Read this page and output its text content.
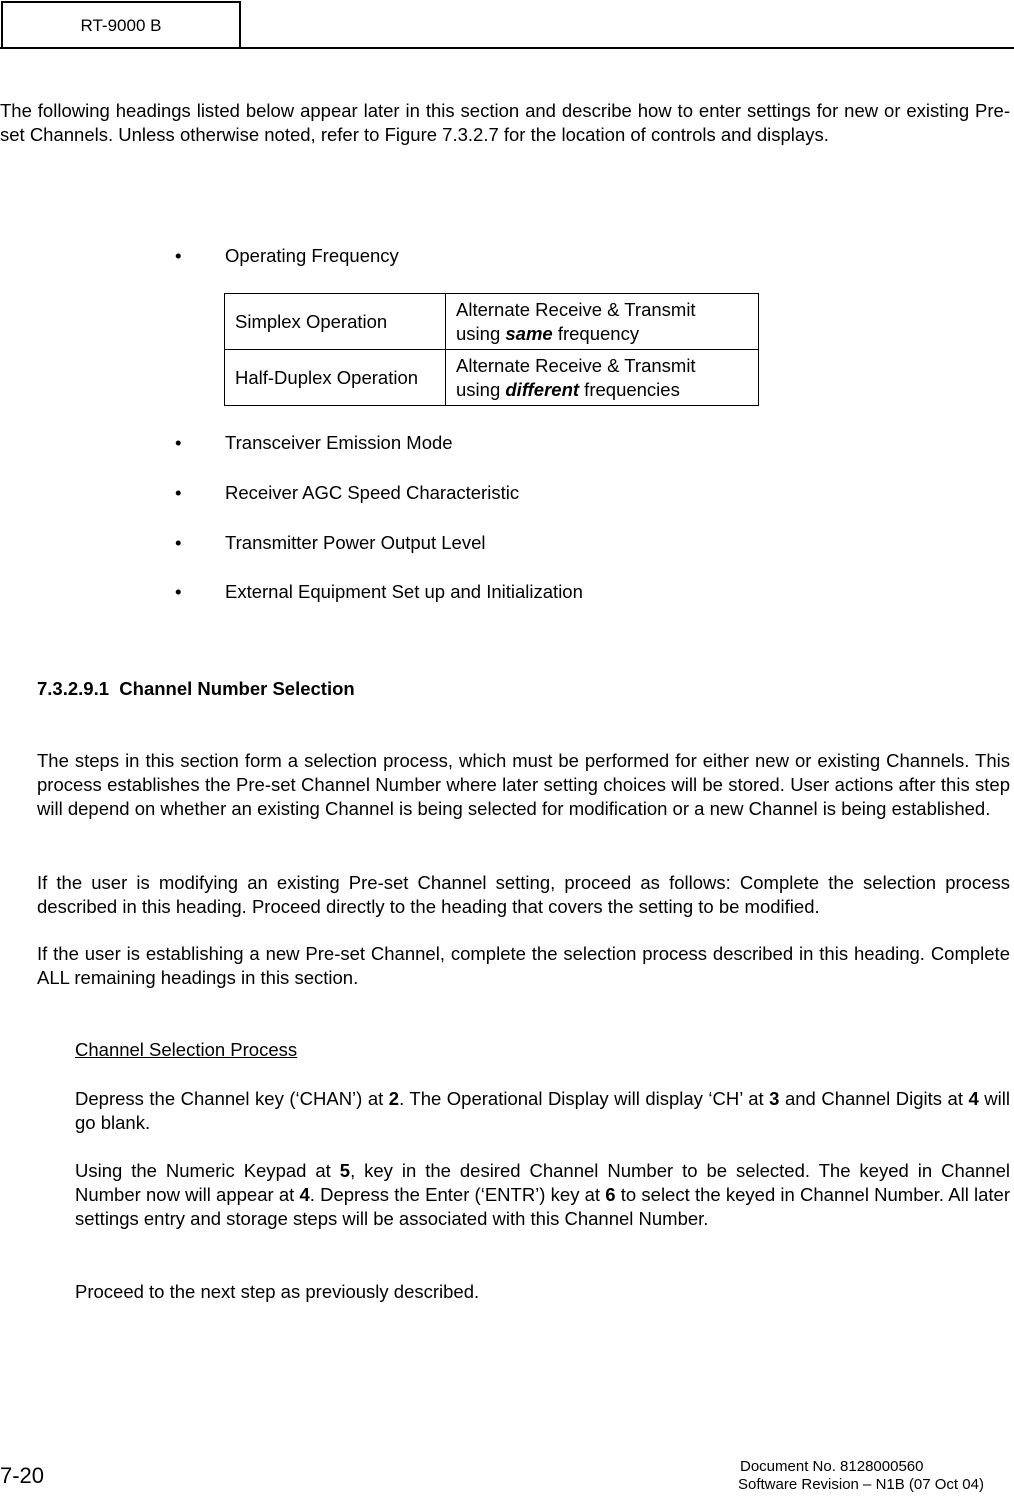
RT-9000 B

The following headings listed below appear later in this section and describe how to enter settings for new or existing Pre-set Channels. Unless otherwise noted, refer to Figure 7.3.2.7 for the location of controls and displays.

• Operating Frequency
Simplex Operation	Alternate Receive & Transmit
using same frequency
Half-Duplex Operation	Alternate Receive & Transmit
using different frequencies
• Transceiver Emission Mode
• Receiver AGC Speed Characteristic
• Transmitter Power Output Level
• External Equipment Set up and Initialization
7.3.2.9.1 Channel Number Selection

The steps in this section form a selection process, which must be performed for either new or existing Channels. This process establishes the Pre-set Channel Number where later setting choices will be stored. User actions after this step will depend on whether an existing Channel is being selected for modification or a new Channel is being established.

If the user is modifying an existing Pre-set Channel setting, proceed as follows: Complete the selection process described in this heading. Proceed directly to the heading that covers the setting to be modified.

If the user is establishing a new Pre-set Channel, complete the selection process described in this heading. Complete ALL remaining headings in this section.

Channel Selection Process

Depress the Channel key (‘CHAN’) at 2. The Operational Display will display ‘CH’ at 3 and Channel Digits at 4 will go blank.

Using the Numeric Keypad at 5, key in the desired Channel Number to be selected. The keyed in Channel Number now will appear at 4. Depress the Enter (‘ENTR’) key at 6 to select the keyed in Channel Number. All later settings entry and storage steps will be associated with this Channel Number.

Proceed to the next step as previously described.

7-20	Document No. 8128000560
Software Revision – N1B (07 Oct 04)
